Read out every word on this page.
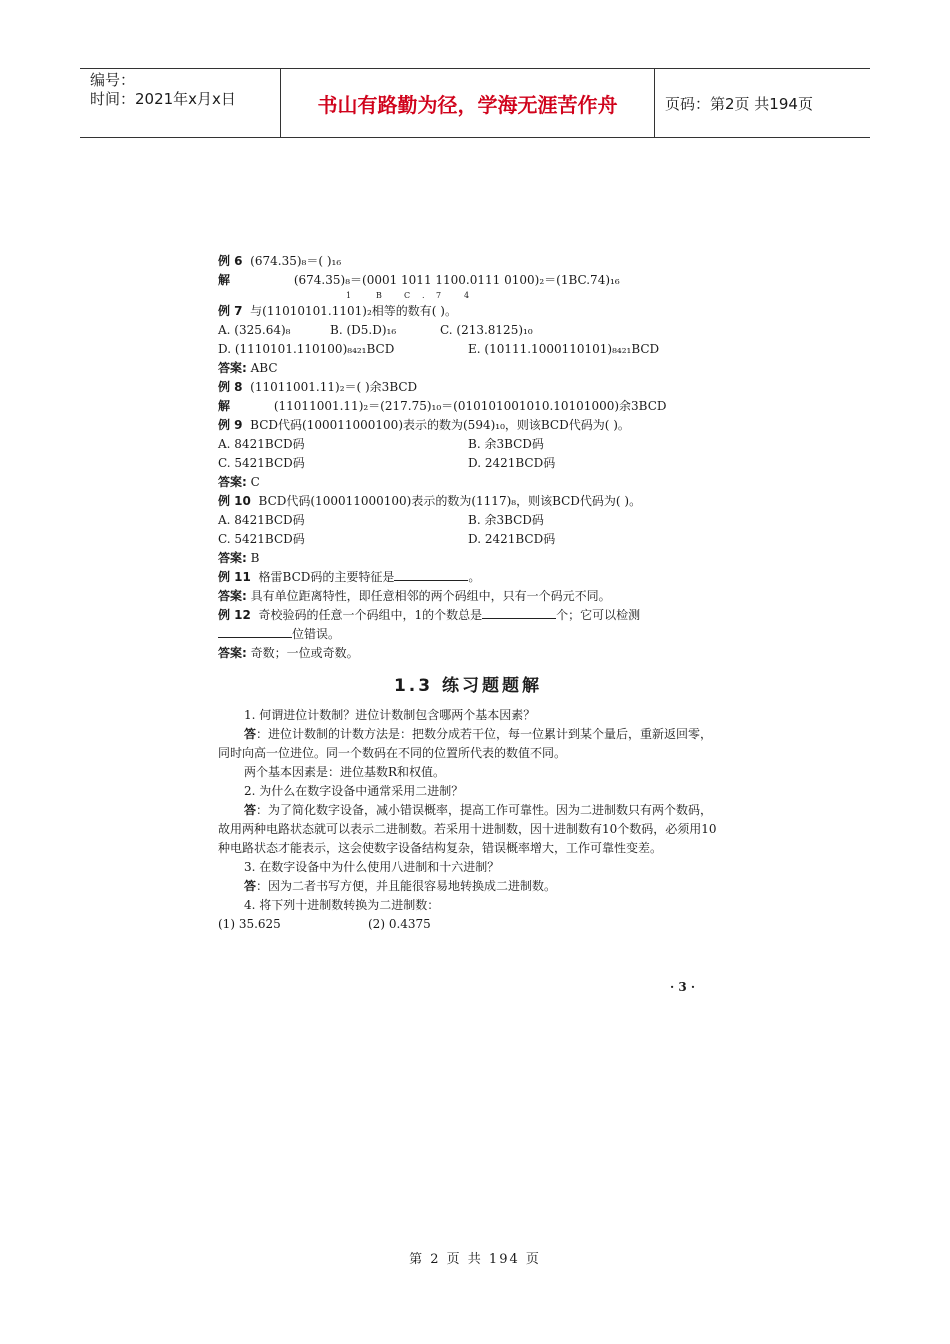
编号：
时间：2021年x月x日	书山有路勤为径，学海无涯苦作舟	页码：第2页 共194页
例 6 (674.35)₈＝( )₁₆
解	(674.35)₈＝(0001 1011 1100.0111 0100)₂＝(1BC.74)₁₆
1	B	C . 7	4
例 7 与(11010101.1101)₂相等的数有( )。
A. (325.64)₈	B. (D5.D)₁₆	C. (213.8125)₁₀
D. (1110101.110100)₈₄₂₁BCD	E. (10111.1000110101)₈₄₂₁BCD
答案: ABC
例 8 (11011001.11)₂＝( )余3BCD
解	(11011001.11)₂＝(217.75)₁₀＝(010101001010.10101000)余3BCD
例 9 BCD代码(100011000100)表示的数为(594)₁₀，则该BCD代码为( )。
A. 8421BCD码	B. 余3BCD码
C. 5421BCD码	D. 2421BCD码
答案: C
例 10 BCD代码(100011000100)表示的数为(1117)₈，则该BCD代码为( )。
A. 8421BCD码	B. 余3BCD码
C. 5421BCD码	D. 2421BCD码
答案: B
例 11 格雷BCD码的主要特征是	。
答案: 具有单位距离特性，即任意相邻的两个码组中，只有一个码元不同。
例 12 奇校验码的任意一个码组中，1的个数总是	个；它可以检测
位错误。
答案: 奇数；一位或奇数。
1.3 练习题题解
1. 何谓进位计数制？进位计数制包含哪两个基本因素？
答：进位计数制的计数方法是：把数分成若干位，每一位累计到某个量后，重新返回零，同时向高一位进位。同一个数码在不同的位置所代表的数值不同。
两个基本因素是：进位基数R和权值。
2. 为什么在数字设备中通常采用二进制？
答：为了简化数字设备，减小错误概率，提高工作可靠性。因为二进制数只有两个数码，故用两种电路状态就可以表示二进制数。若采用十进制数，因十进制数有10个数码，必须用10种电路状态才能表示，这会使数字设备结构复杂，错误概率增大，工作可靠性变差。
3. 在数字设备中为什么使用八进制和十六进制？
答：因为二者书写方便，并且能很容易地转换成二进制数。
4. 将下列十进制数转换为二进制数：
(1) 35.625	(2) 0.4375
· 3 ·
第 2 页 共 194 页
